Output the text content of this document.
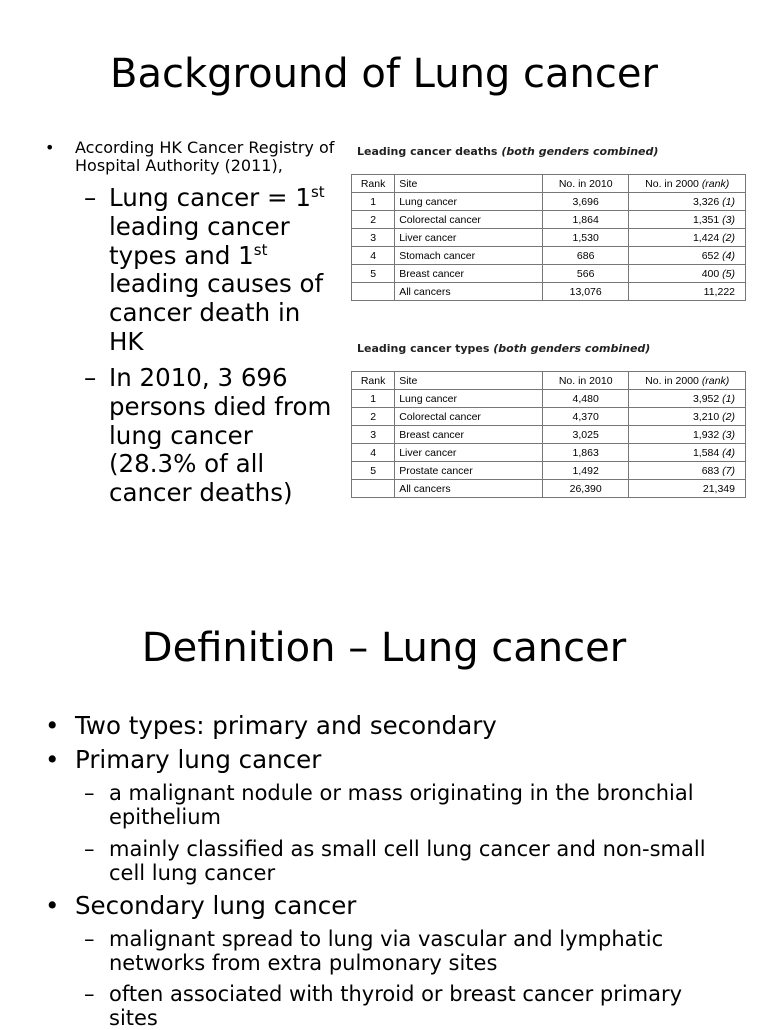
Background of Lung cancer
• According HK Cancer Registry of Hospital Authority (2011),
– Lung cancer = 1st leading cancer types and 1st leading causes of cancer death in HK
– In 2010, 3 696 persons died from lung cancer (28.3% of all cancer deaths)
Leading cancer deaths (both genders combined)
Rank	Site	No. in 2010	No. in 2000 (rank)
1	Lung cancer	3,696	3,326 (1)
2	Colorectal cancer	1,864	1,351 (3)
3	Liver cancer	1,530	1,424 (2)
4	Stomach cancer	686	652 (4)
5	Breast cancer	566	400 (5)
	All cancers	13,076	11,222
Leading cancer types (both genders combined)
Rank	Site	No. in 2010	No. in 2000 (rank)
1	Lung cancer	4,480	3,952 (1)
2	Colorectal cancer	4,370	3,210 (2)
3	Breast cancer	3,025	1,932 (3)
4	Liver cancer	1,863	1,584 (4)
5	Prostate cancer	1,492	683 (7)
	All cancers	26,390	21,349
Definition – Lung cancer
• Two types: primary and secondary
• Primary lung cancer
– a malignant nodule or mass originating in the bronchial epithelium
– mainly classified as small cell lung cancer and non-small cell lung cancer
• Secondary lung cancer
– malignant spread to lung via vascular and lymphatic networks from extra pulmonary sites
– often associated with thyroid or breast cancer primary sites
